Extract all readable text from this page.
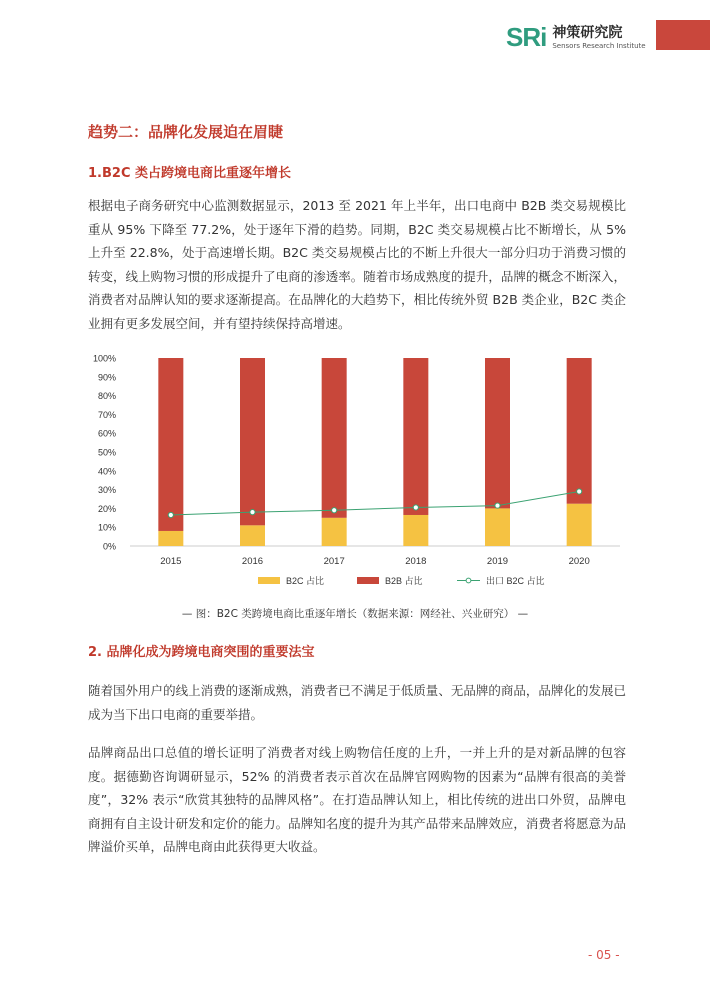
SRi 神策研究院
Sensors Research Institute
趋势二：品牌化发展迫在眉睫
1.B2C 类占跨境电商比重逐年增长

根据电子商务研究中心监测数据显示，2013 至 2021 年上半年，出口电商中 B2B 类交易规模比重从 95% 下降至 77.2%，处于逐年下滑的趋势。同期，B2C 类交易规模占比不断增长，从 5% 上升至 22.8%，处于高速增长期。B2C 类交易规模占比的不断上升很大一部分归功于消费习惯的转变，线上购物习惯的形成提升了电商的渗透率。随着市场成熟度的提升，品牌的概念不断深入，消费者对品牌认知的要求逐渐提高。在品牌化的大趋势下，相比传统外贸 B2B 类企业，B2C 类企业拥有更多发展空间，并有望持续保持高增速。

0%
10%
20%
30%
40%
50%
60%
70%
80%
90%
100%
2015	2016	2017	2018	2019	2020
B2C 占比	B2B 占比	出口 B2C 占比
— 图：B2C 类跨境电商比重逐年增长（数据来源：网经社、兴业研究） —
2. 品牌化成为跨境电商突围的重要法宝

随着国外用户的线上消费的逐渐成熟，消费者已不满足于低质量、无品牌的商品，品牌化的发展已成为当下出口电商的重要举措。

品牌商品出口总值的增长证明了消费者对线上购物信任度的上升，一并上升的是对新品牌的包容度。据德勤咨询调研显示，52% 的消费者表示首次在品牌官网购物的因素为“品牌有很高的美誉度”，32% 表示“欣赏其独特的品牌风格”。在打造品牌认知上，相比传统的进出口外贸，品牌电商拥有自主设计研发和定价的能力。品牌知名度的提升为其产品带来品牌效应，消费者将愿意为品牌溢价买单，品牌电商由此获得更大收益。

- 05 -
